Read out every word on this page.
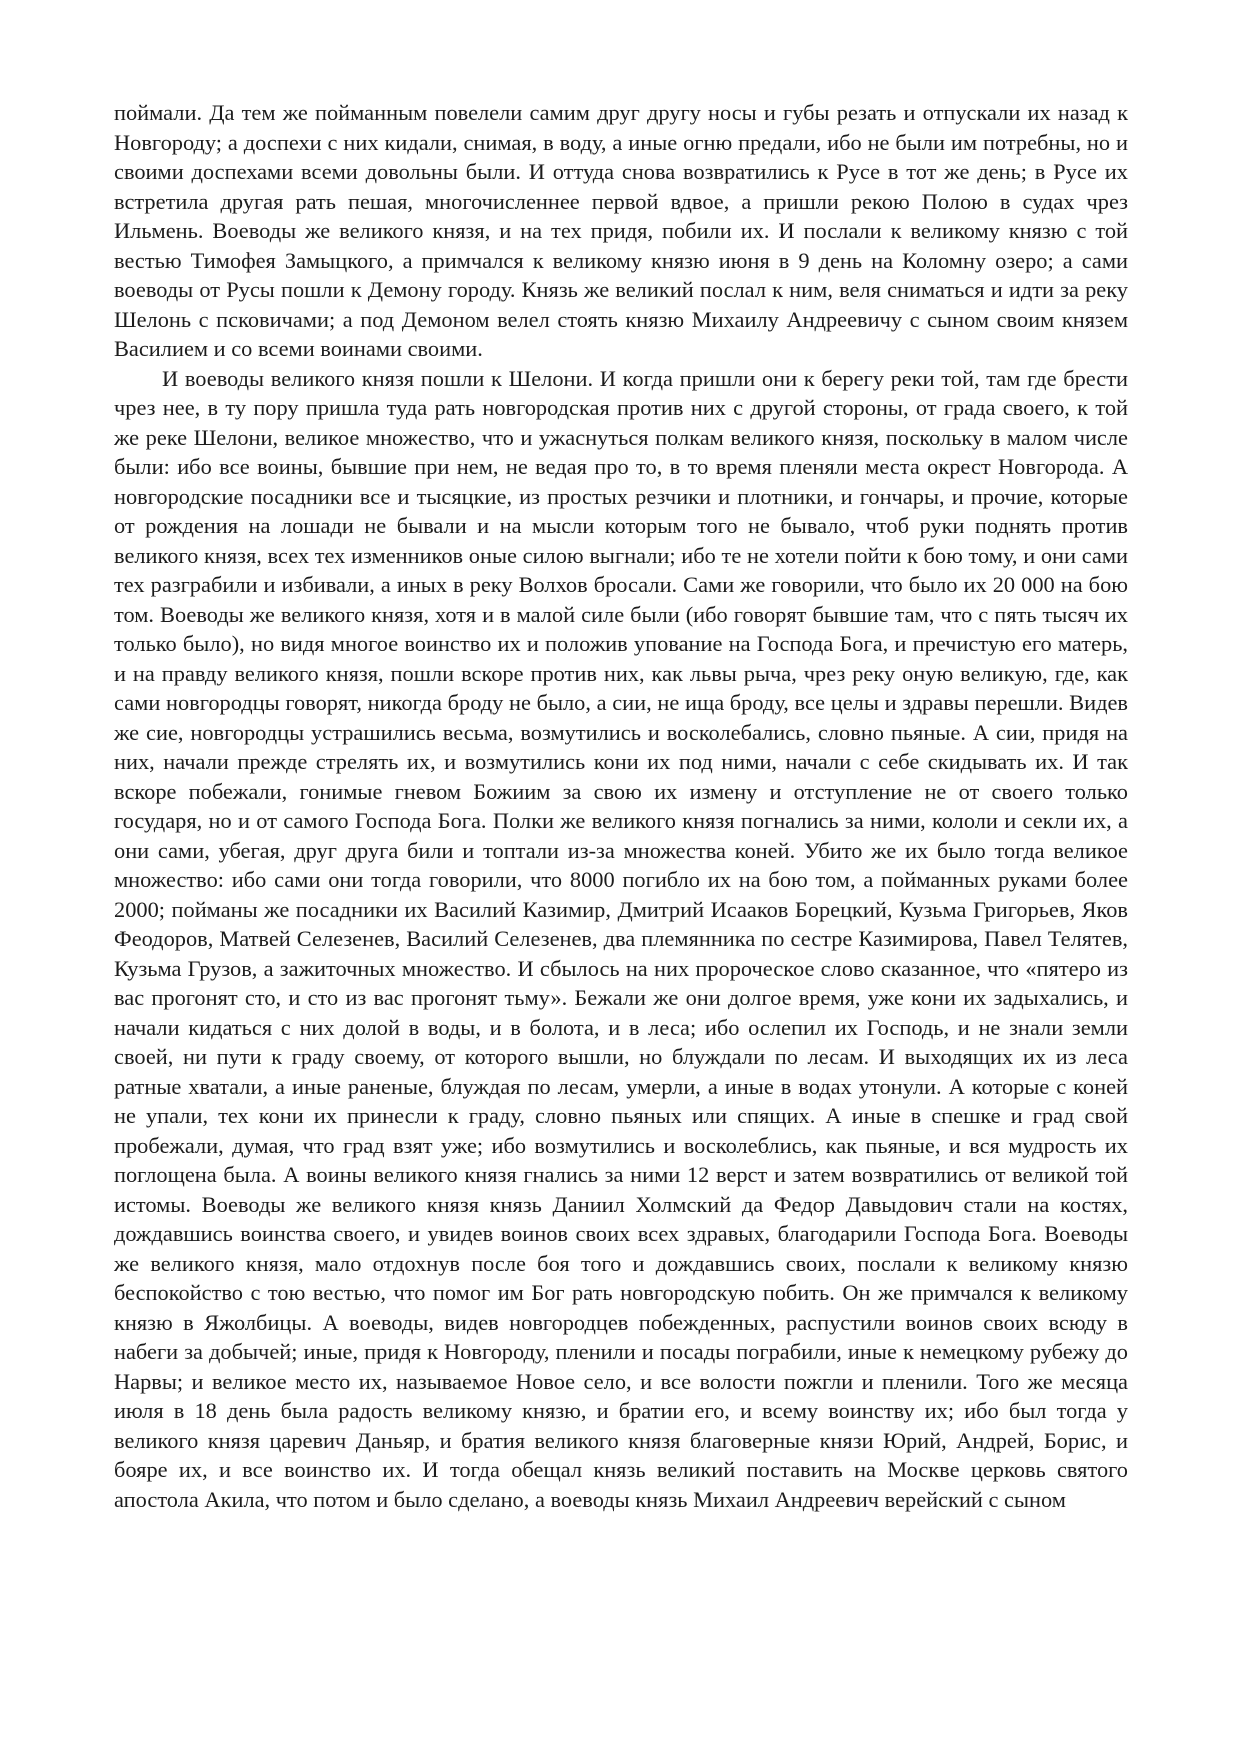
поймали. Да тем же пойманным повелели самим друг другу носы и губы резать и отпускали их назад к Новгороду; а доспехи с них кидали, снимая, в воду, а иные огню предали, ибо не были им потребны, но и своими доспехами всеми довольны были. И оттуда снова возвратились к Русе в тот же день; в Русе их встретила другая рать пешая, многочисленнее первой вдвое, а пришли рекою Полою в судах чрез Ильмень. Воеводы же великого князя, и на тех придя, побили их. И послали к великому князю с той вестью Тимофея Замыцкого, а примчался к великому князю июня в 9 день на Коломну озеро; а сами воеводы от Русы пошли к Демону городу. Князь же великий послал к ним, веля сниматься и идти за реку Шелонь с псковичами; а под Демоном велел стоять князю Михаилу Андреевичу с сыном своим князем Василием и со всеми воинами своими.

И воеводы великого князя пошли к Шелони. И когда пришли они к берегу реки той, там где брести чрез нее, в ту пору пришла туда рать новгородская против них с другой стороны, от града своего, к той же реке Шелони, великое множество, что и ужаснуться полкам великого князя, поскольку в малом числе были: ибо все воины, бывшие при нем, не ведая про то, в то время пленяли места окрест Новгорода. А новгородские посадники все и тысяцкие, из простых резчики и плотники, и гончары, и прочие, которые от рождения на лошади не бывали и на мысли которым того не бывало, чтоб руки поднять против великого князя, всех тех изменников оные силою выгнали; ибо те не хотели пойти к бою тому, и они сами тех разграбили и избивали, а иных в реку Волхов бросали. Сами же говорили, что было их 20 000 на бою том. Воеводы же великого князя, хотя и в малой силе были (ибо говорят бывшие там, что с пять тысяч их только было), но видя многое воинство их и положив упование на Господа Бога, и пречистую его матерь, и на правду великого князя, пошли вскоре против них, как львы рыча, чрез реку оную великую, где, как сами новгородцы говорят, никогда броду не было, а сии, не ища броду, все целы и здравы перешли. Видев же сие, новгородцы устрашились весьма, возмутились и восколебались, словно пьяные. А сии, придя на них, начали прежде стрелять их, и возмутились кони их под ними, начали с себе скидывать их. И так вскоре побежали, гонимые гневом Божиим за свою их измену и отступление не от своего только государя, но и от самого Господа Бога. Полки же великого князя погнались за ними, кололи и секли их, а они сами, убегая, друг друга били и топтали из-за множества коней. Убито же их было тогда великое множество: ибо сами они тогда говорили, что 8000 погибло их на бою том, а пойманных руками более 2000; пойманы же посадники их Василий Казимир, Дмитрий Исааков Борецкий, Кузьма Григорьев, Яков Феодоров, Матвей Селезенев, Василий Селезенев, два племянника по сестре Казимирова, Павел Телятев, Кузьма Грузов, а зажиточных множество. И сбылось на них пророческое слово сказанное, что «пятеро из вас прогонят сто, и сто из вас прогонят тьму». Бежали же они долгое время, уже кони их задыхались, и начали кидаться с них долой в воды, и в болота, и в леса; ибо ослепил их Господь, и не знали земли своей, ни пути к граду своему, от которого вышли, но блуждали по лесам. И выходящих их из леса ратные хватали, а иные раненые, блуждая по лесам, умерли, а иные в водах утонули. А которые с коней не упали, тех кони их принесли к граду, словно пьяных или спящих. А иные в спешке и град свой пробежали, думая, что град взят уже; ибо возмутились и восколеблись, как пьяные, и вся мудрость их поглощена была. А воины великого князя гнались за ними 12 верст и затем возвратились от великой той истомы. Воеводы же великого князя князь Даниил Холмский да Федор Давыдович стали на костях, дождавшись воинства своего, и увидев воинов своих всех здравых, благодарили Господа Бога. Воеводы же великого князя, мало отдохнув после боя того и дождавшись своих, послали к великому князю беспокойство с тою вестью, что помог им Бог рать новгородскую побить. Он же примчался к великому князю в Яжолбицы. А воеводы, видев новгородцев побежденных, распустили воинов своих всюду в набеги за добычей; иные, придя к Новгороду, пленили и посады пограбили, иные к немецкому рубежу до Нарвы; и великое место их, называемое Новое село, и все волости пожгли и пленили. Того же месяца июля в 18 день была радость великому князю, и братии его, и всему воинству их; ибо был тогда у великого князя царевич Даньяр, и братия великого князя благоверные князи Юрий, Андрей, Борис, и бояре их, и все воинство их. И тогда обещал князь великий поставить на Москве церковь святого апостола Акила, что потом и было сделано, а воеводы князь Михаил Андреевич верейский с сыном
